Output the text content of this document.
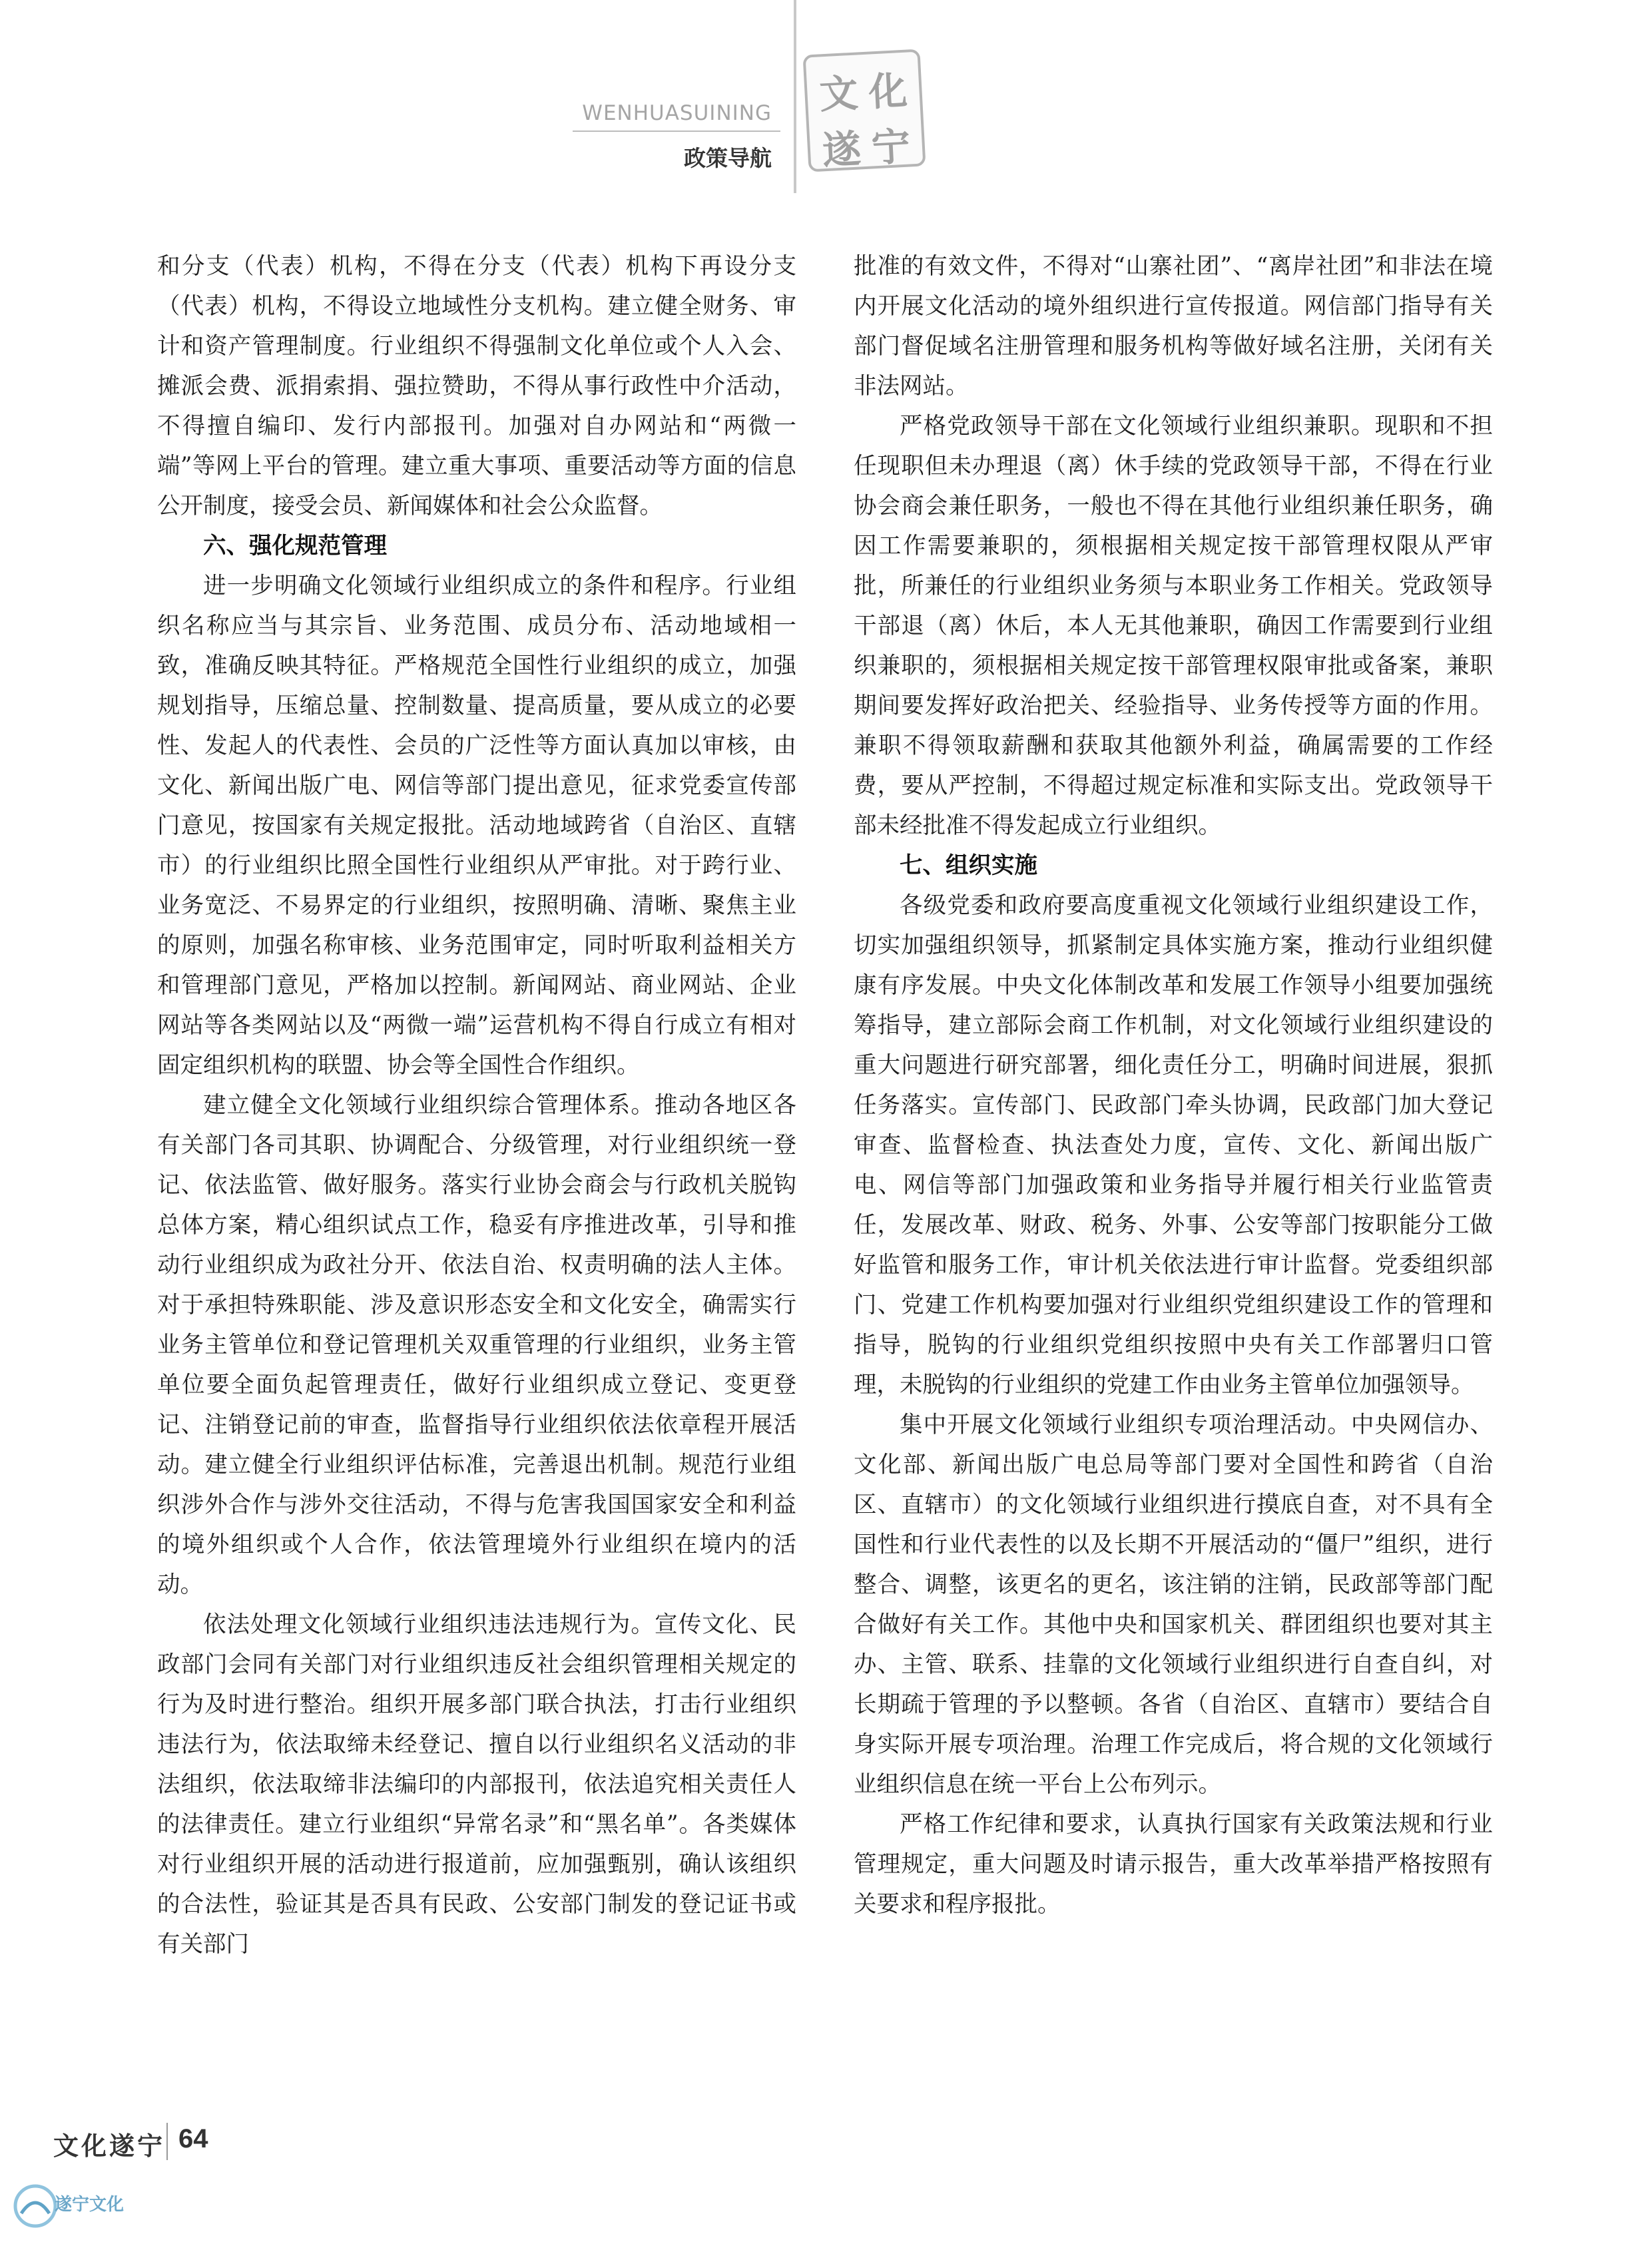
WENHUASUINING
政策导航
文 化
遂 宁

和分支（代表）机构，不得在分支（代表）机构下再设分支（代表）机构，不得设立地域性分支机构。建立健全财务、审计和资产管理制度。行业组织不得强制文化单位或个人入会、摊派会费、派捐索捐、强拉赞助，不得从事行政性中介活动，不得擅自编印、发行内部报刊。加强对自办网站和“两微一端”等网上平台的管理。建立重大事项、重要活动等方面的信息公开制度，接受会员、新闻媒体和社会公众监督。

六、强化规范管理

进一步明确文化领域行业组织成立的条件和程序。行业组织名称应当与其宗旨、业务范围、成员分布、活动地域相一致，准确反映其特征。严格规范全国性行业组织的成立，加强规划指导，压缩总量、控制数量、提高质量，要从成立的必要性、发起人的代表性、会员的广泛性等方面认真加以审核，由文化、新闻出版广电、网信等部门提出意见，征求党委宣传部门意见，按国家有关规定报批。活动地域跨省（自治区、直辖市）的行业组织比照全国性行业组织从严审批。对于跨行业、业务宽泛、不易界定的行业组织，按照明确、清晰、聚焦主业的原则，加强名称审核、业务范围审定，同时听取利益相关方和管理部门意见，严格加以控制。新闻网站、商业网站、企业网站等各类网站以及“两微一端”运营机构不得自行成立有相对固定组织机构的联盟、协会等全国性合作组织。

建立健全文化领域行业组织综合管理体系。推动各地区各有关部门各司其职、协调配合、分级管理，对行业组织统一登记、依法监管、做好服务。落实行业协会商会与行政机关脱钩总体方案，精心组织试点工作，稳妥有序推进改革，引导和推动行业组织成为政社分开、依法自治、权责明确的法人主体。对于承担特殊职能、涉及意识形态安全和文化安全，确需实行业务主管单位和登记管理机关双重管理的行业组织，业务主管单位要全面负起管理责任，做好行业组织成立登记、变更登记、注销登记前的审查，监督指导行业组织依法依章程开展活动。建立健全行业组织评估标准，完善退出机制。规范行业组织涉外合作与涉外交往活动，不得与危害我国国家安全和利益的境外组织或个人合作，依法管理境外行业组织在境内的活动。

依法处理文化领域行业组织违法违规行为。宣传文化、民政部门会同有关部门对行业组织违反社会组织管理相关规定的行为及时进行整治。组织开展多部门联合执法，打击行业组织违法行为，依法取缔未经登记、擅自以行业组织名义活动的非法组织，依法取缔非法编印的内部报刊，依法追究相关责任人的法律责任。建立行业组织“异常名录”和“黑名单”。各类媒体对行业组织开展的活动进行报道前，应加强甄别，确认该组织的合法性，验证其是否具有民政、公安部门制发的登记证书或有关部门

批准的有效文件，不得对“山寨社团”、“离岸社团”和非法在境内开展文化活动的境外组织进行宣传报道。网信部门指导有关部门督促域名注册管理和服务机构等做好域名注册，关闭有关非法网站。

严格党政领导干部在文化领域行业组织兼职。现职和不担任现职但未办理退（离）休手续的党政领导干部，不得在行业协会商会兼任职务，一般也不得在其他行业组织兼任职务，确因工作需要兼职的，须根据相关规定按干部管理权限从严审批，所兼任的行业组织业务须与本职业务工作相关。党政领导干部退（离）休后，本人无其他兼职，确因工作需要到行业组织兼职的，须根据相关规定按干部管理权限审批或备案，兼职期间要发挥好政治把关、经验指导、业务传授等方面的作用。兼职不得领取薪酬和获取其他额外利益，确属需要的工作经费，要从严控制，不得超过规定标准和实际支出。党政领导干部未经批准不得发起成立行业组织。

七、组织实施

各级党委和政府要高度重视文化领域行业组织建设工作，切实加强组织领导，抓紧制定具体实施方案，推动行业组织健康有序发展。中央文化体制改革和发展工作领导小组要加强统筹指导，建立部际会商工作机制，对文化领域行业组织建设的重大问题进行研究部署，细化责任分工，明确时间进展，狠抓任务落实。宣传部门、民政部门牵头协调，民政部门加大登记审查、监督检查、执法查处力度，宣传、文化、新闻出版广电、网信等部门加强政策和业务指导并履行相关行业监管责任，发展改革、财政、税务、外事、公安等部门按职能分工做好监管和服务工作，审计机关依法进行审计监督。党委组织部门、党建工作机构要加强对行业组织党组织建设工作的管理和指导，脱钩的行业组织党组织按照中央有关工作部署归口管理，未脱钩的行业组织的党建工作由业务主管单位加强领导。

集中开展文化领域行业组织专项治理活动。中央网信办、文化部、新闻出版广电总局等部门要对全国性和跨省（自治区、直辖市）的文化领域行业组织进行摸底自查，对不具有全国性和行业代表性的以及长期不开展活动的“僵尸”组织，进行整合、调整，该更名的更名，该注销的注销，民政部等部门配合做好有关工作。其他中央和国家机关、群团组织也要对其主办、主管、联系、挂靠的文化领域行业组织进行自查自纠，对长期疏于管理的予以整顿。各省（自治区、直辖市）要结合自身实际开展专项治理。治理工作完成后，将合规的文化领域行业组织信息在统一平台上公布列示。

严格工作纪律和要求，认真执行国家有关政策法规和行业管理规定，重大问题及时请示报告，重大改革举措严格按照有关要求和程序报批。

文化遂宁 64
遂宁文化
